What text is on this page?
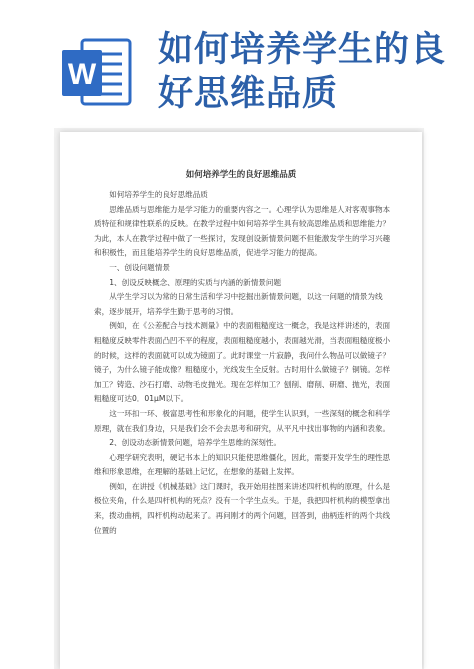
W
如何培养学生的良
好思维品质
如何培养学生的良好思维品质

如何培养学生的良好思维品质

思维品质与思维能力是学习能力的重要内容之一。心理学认为思维是人对客观事物本质特征和规律性联系的反映。在教学过程中如何培养学生具有较高思维品质和思维能力？为此，本人在教学过程中做了一些探讨，发现创设新情景问题不但能激发学生的学习兴趣和积极性，而且能培养学生的良好思维品质，促进学习能力的提高。

一、创设问题情景

1、创设反映概念、原理的实质与内涵的新情景问题

从学生学习以为常的日常生活和学习中挖掘出新情景问题，以这一问题的情景为线索，逐步展开，培养学生勤于思考的习惯。

例如，在《公差配合与技术测量》中的表面粗糙度这一概念，我是这样讲述的，表面粗糙度反映零件表面凸凹不平的程度，表面粗糙度越小，表面越光滑，当表面粗糙度极小的时候，这样的表面就可以成为镜面了。此时课堂一片寂静，我问什么物品可以做镜子？镜子，为什么镜子能成像？粗糙度小，光线发生全反射。古时用什么做镜子？铜镜。怎样加工？铸造、沙石打磨、动物毛皮抛光。现在怎样加工？刨削、磨削、研磨、抛光，表面粗糙度可达0．01μM以下。

这一环扣一环、极富思考性和形象化的问题，使学生认识到，一些深刻的概念和科学原理，就在我们身边，只是我们会不会去思考和研究，从平凡中找出事物的内涵和表象。

2、创设动态新情景问题，培养学生思维的深刻性。

心理学研究表明，硬记书本上的知识只能使思维僵化，因此，需要开发学生的理性思维和形象思维，在理解的基础上记忆，在想象的基础上发挥。

例如，在讲授《机械基础》这门课时，我开始用挂图来讲述四杆机构的原理，什么是极位夹角，什么是四杆机构的死点？没有一个学生点头。于是，我把四杆机构的模型拿出来，拨动曲柄，四杆机构动起来了。再问刚才的两个问题，回答到，曲柄连杆的两个共线位置的
